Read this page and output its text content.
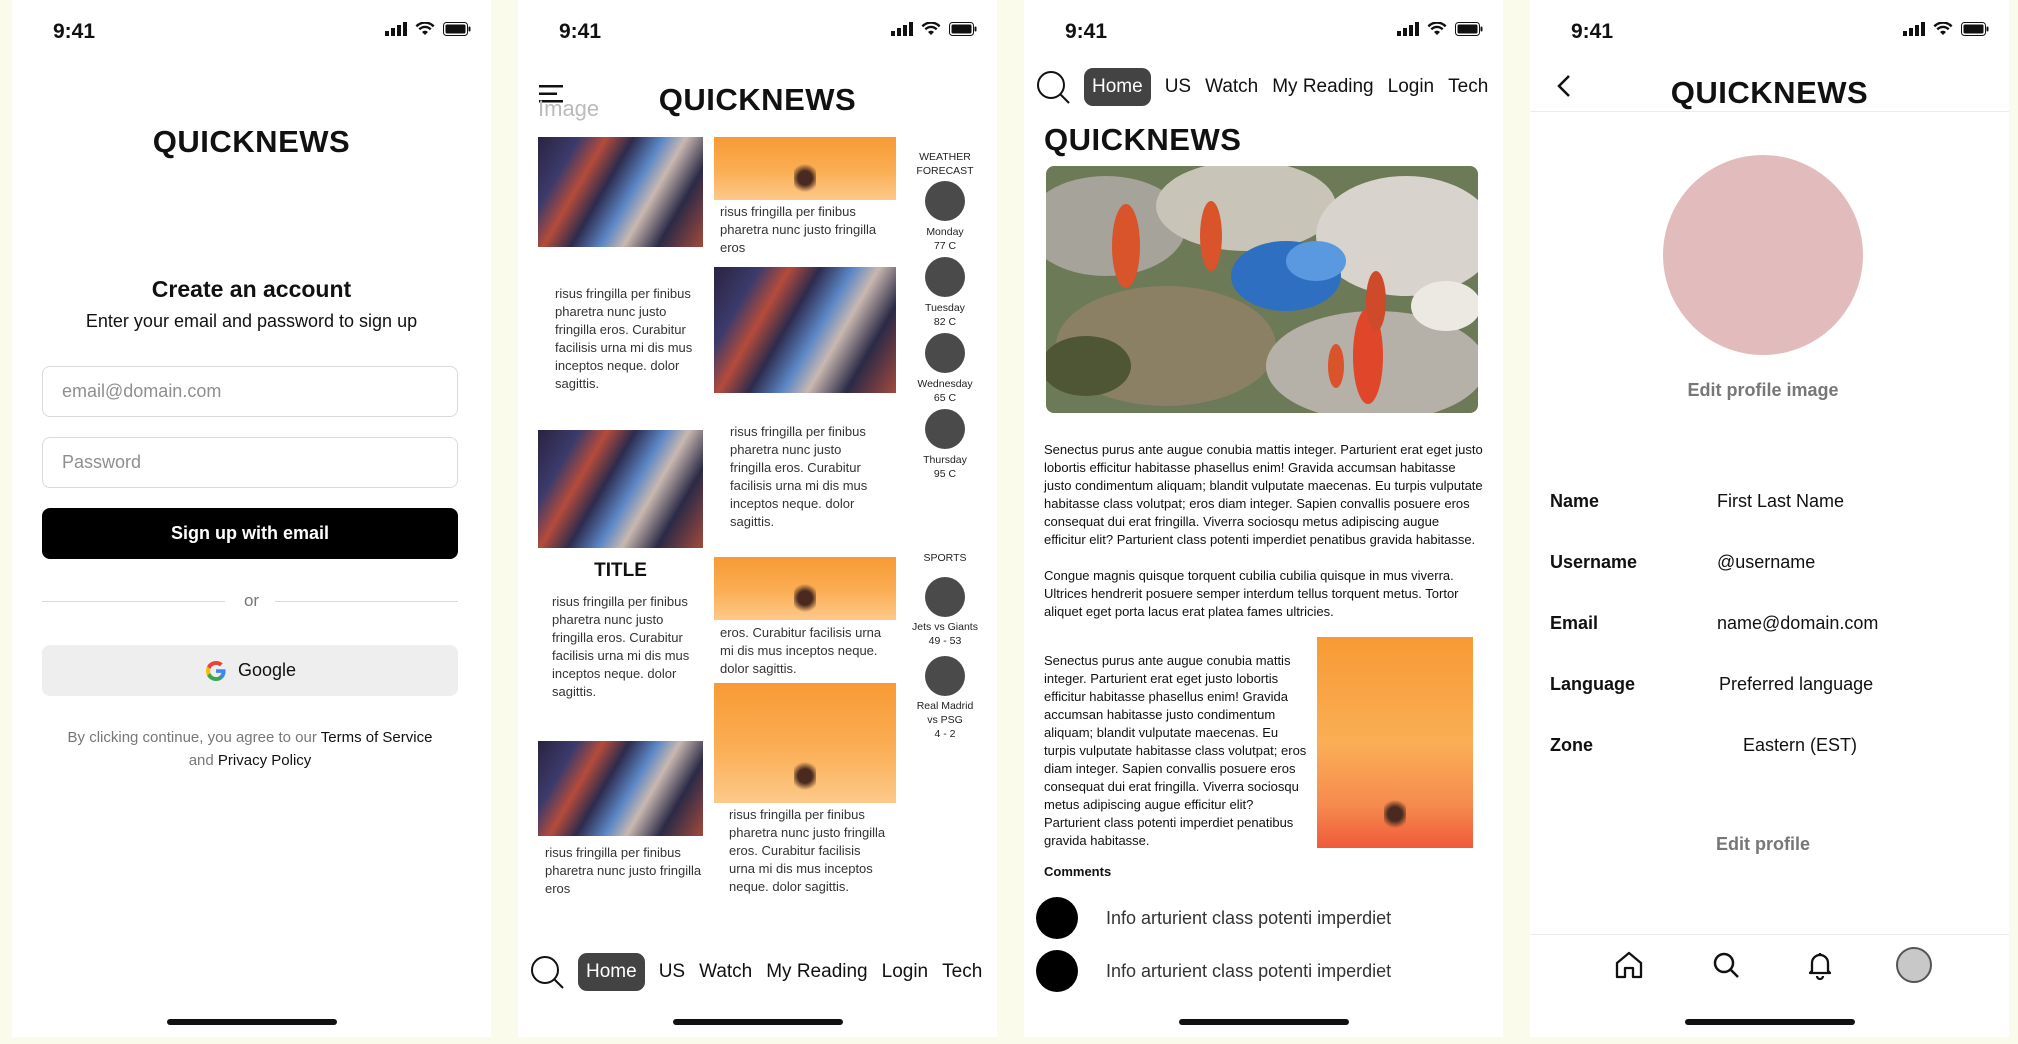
9:41
QUICKNEWS
Create an account
Enter your email and password to sign up
email@domain.com
Sign up with email
or
Google
By clicking continue, you agree to our Terms of Service
and Privacy Policy
9:41
Image	QUICKNEWS
risus fringilla per finibus pharetra nunc justo fringilla eros. Curabitur facilisis urna mi dis mus inceptos neque. dolor sagittis.
TITLE
risus fringilla per finibus pharetra nunc justo fringilla eros. Curabitur facilisis urna mi dis mus inceptos neque. dolor sagittis.
risus fringilla per finibus pharetra nunc justo fringilla eros
risus fringilla per finibus pharetra nunc justo fringilla eros
risus fringilla per finibus pharetra nunc justo fringilla eros. Curabitur facilisis urna mi dis mus inceptos neque. dolor sagittis.
eros. Curabitur facilisis urna mi dis mus inceptos neque. dolor sagittis.
risus fringilla per finibus pharetra nunc justo fringilla eros. Curabitur facilisis urna mi dis mus inceptos neque. dolor sagittis.
WEATHER FORECAST
Monday
77 C
Tuesday
82 C
Wednesday
65 C
Thursday
95 C
SPORTS
Jets vs Giants
49 - 53
Real Madrid vs PSG
4 - 2
Home	US Watch My Reading Login Tech
9:41
Home	US Watch My Reading Login Tech
QUICKNEWS
Senectus purus ante augue conubia mattis integer. Parturient erat eget justo lobortis efficitur habitasse phasellus enim! Gravida accumsan habitasse justo condimentum aliquam; blandit vulputate maecenas. Eu turpis vulputate habitasse class volutpat; eros diam integer. Sapien convallis posuere eros consequat dui erat fringilla. Viverra sociosqu metus adipiscing augue efficitur elit? Parturient class potenti imperdiet penatibus gravida habitasse.
Congue magnis quisque torquent cubilia cubilia quisque in mus viverra. Ultrices hendrerit posuere semper interdum tellus torquent metus. Tortor aliquet eget porta lacus erat platea fames ultricies.
Senectus purus ante augue conubia mattis integer. Parturient erat eget justo lobortis efficitur habitasse phasellus enim! Gravida accumsan habitasse justo condimentum aliquam; blandit vulputate maecenas. Eu turpis vulputate habitasse class volutpat; eros diam integer. Sapien convallis posuere eros consequat dui erat fringilla. Viverra sociosqu metus adipiscing augue efficitur elit? Parturient class potenti imperdiet penatibus gravida habitasse.
Comments
Info arturient class potenti imperdiet
Info arturient class potenti imperdiet
9:41
QUICKNEWS
Edit profile image
Name	First Last Name
Username	@username
Email	name@domain.com
Language	Preferred language
Zone	Eastern (EST)
Edit profile
